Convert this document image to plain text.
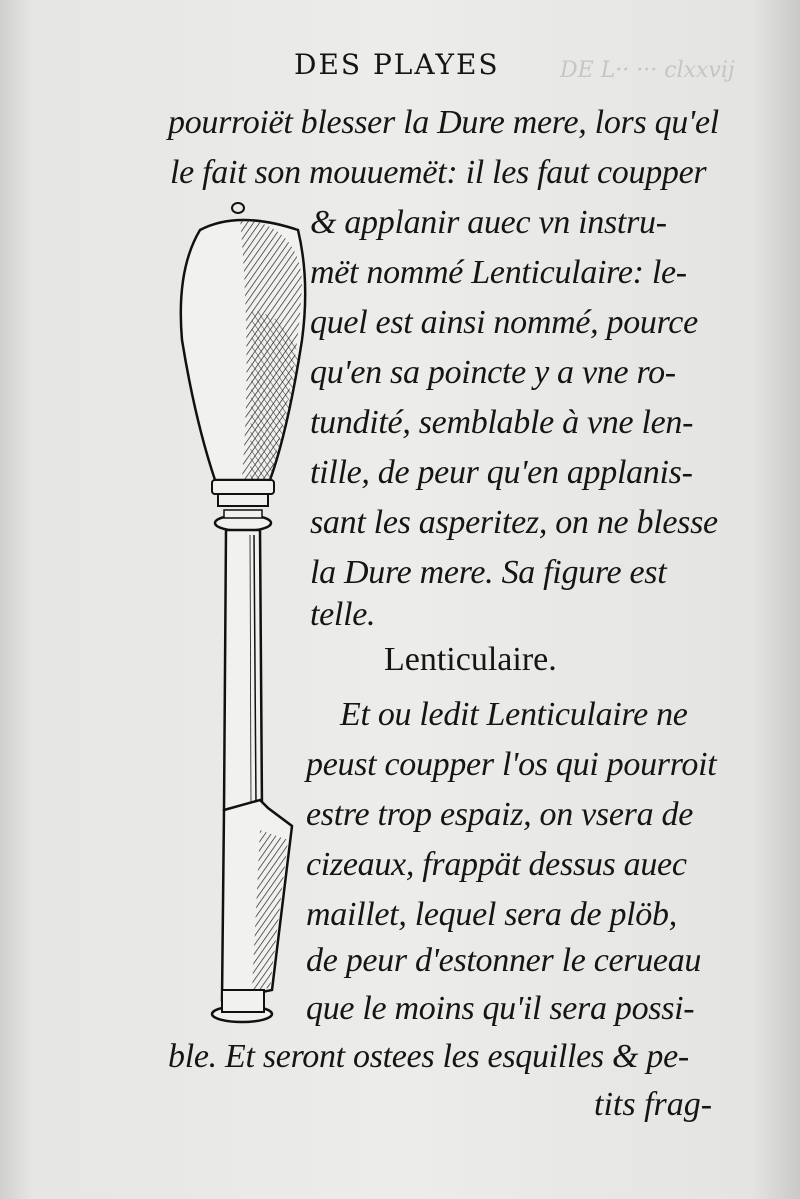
DE L·· ··· clxxvij
DES PLAYES
pourroiët blesser la Dure mere, lors qu'el
le fait son mouuemët: il les faut coupper
& applanir auec vn instru-
mët nommé Lenticulaire: le-
quel est ainsi nommé, pource
qu'en sa poincte y a vne ro-
tundité, semblable à vne len-
tille, de peur qu'en applanis-
sant les asperitez, on ne blesse
la Dure mere. Sa figure est
telle.
Lenticulaire.
Et ou ledit Lenticulaire ne
peust coupper l'os qui pourroit
estre trop espaiz, on vsera de
cizeaux, frappät dessus auec
maillet, lequel sera de plöb,
de peur d'estonner le cerueau
que le moins qu'il sera possi-
ble. Et seront ostees les esquilles & pe-
tits frag-
